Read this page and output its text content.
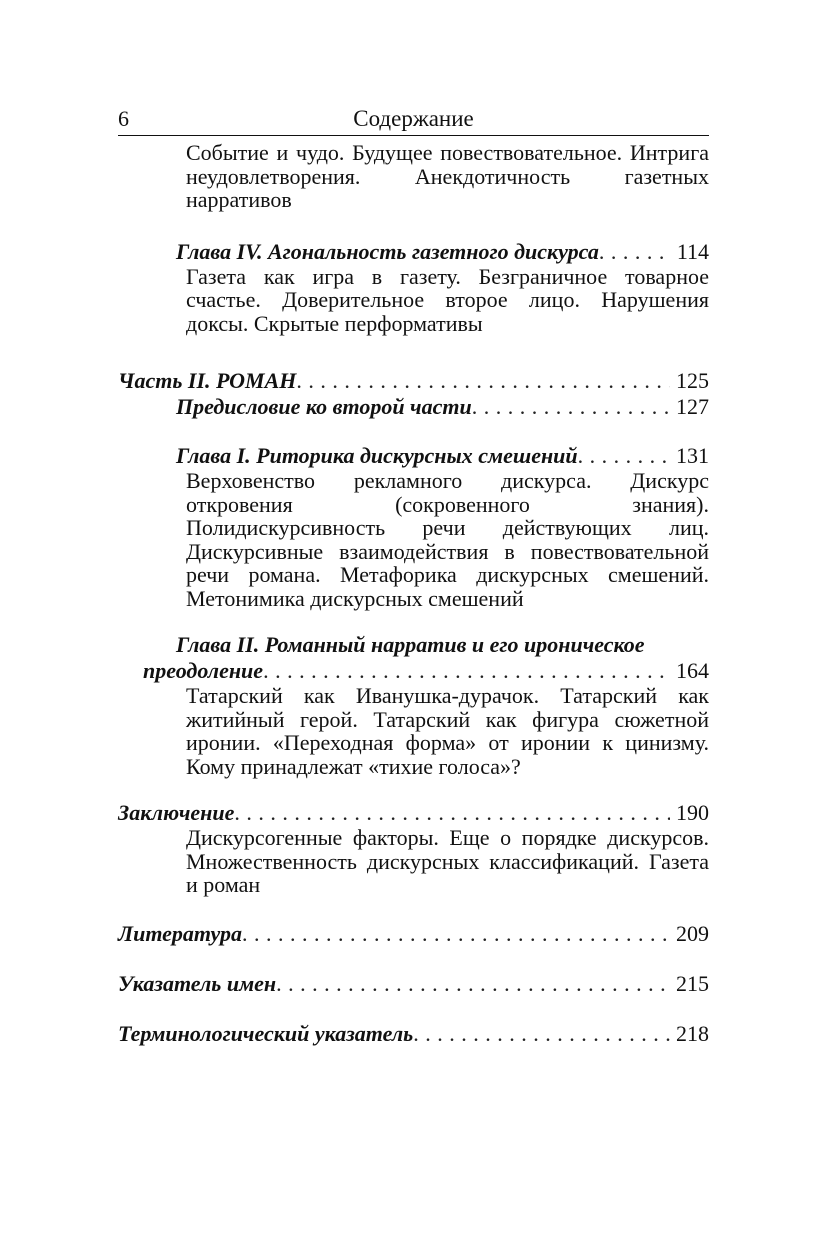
6	Содержание
Событие и чудо. Будущее повествовательное. Интрига неудовлетворения. Анекдотичность газетных нарративов
Глава IV. Агональность газетного дискурса . . .	114
Газета как игра в газету. Безграничное товарное счастье. Доверительное второе лицо. Нарушения доксы. Скрытые перформативы
Часть II. РОМАН . . .	125
Предисловие ко второй части . . .	127
Глава I. Риторика дискурсных смешений . . .	131
Верховенство рекламного дискурса. Дискурс откровения (сокровенного знания). Полидискурсивность речи действующих лиц. Дискурсивные взаимодействия в повествовательной речи романа. Метафорика дискурсных смешений. Метонимика дискурсных смешений
Глава II. Романный нарратив и его ироническое
преодоление . . .	164
Татарский как Иванушка-дурачок. Татарский как житийный герой. Татарский как фигура сюжетной иронии. «Переходная форма» от иронии к цинизму. Кому принадлежат «тихие голоса»?
Заключение . . .	190
Дискурсогенные факторы. Еще о порядке дискурсов. Множественность дискурсных классификаций. Газета и роман
Литература . . .	209
Указатель имен . . .	215
Терминологический указатель . . .	218
